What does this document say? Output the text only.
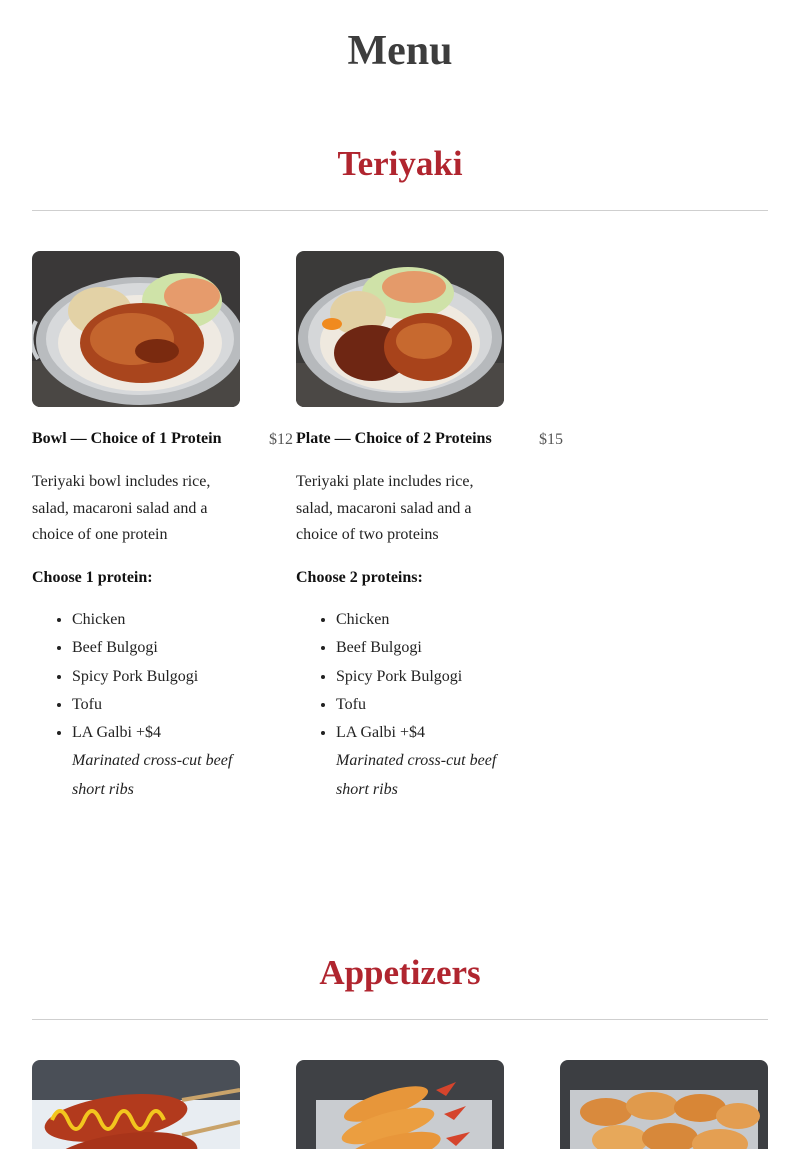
Menu
Teriyaki
Bowl — Choice of 1 Protein	$12

Teriyaki bowl includes rice, salad, macaroni salad and a choice of one protein

Choose 1 protein:
• Chicken
• Beef Bulgogi
• Spicy Pork Bulgogi
• Tofu
• LA Galbi +$4
Marinated cross-cut beef short ribs
Plate — Choice of 2 Proteins	$15

Teriyaki plate includes rice, salad, macaroni salad and a choice of two proteins

Choose 2 proteins:
• Chicken
• Beef Bulgogi
• Spicy Pork Bulgogi
• Tofu
• LA Galbi +$4
Marinated cross-cut beef short ribs
Appetizers
